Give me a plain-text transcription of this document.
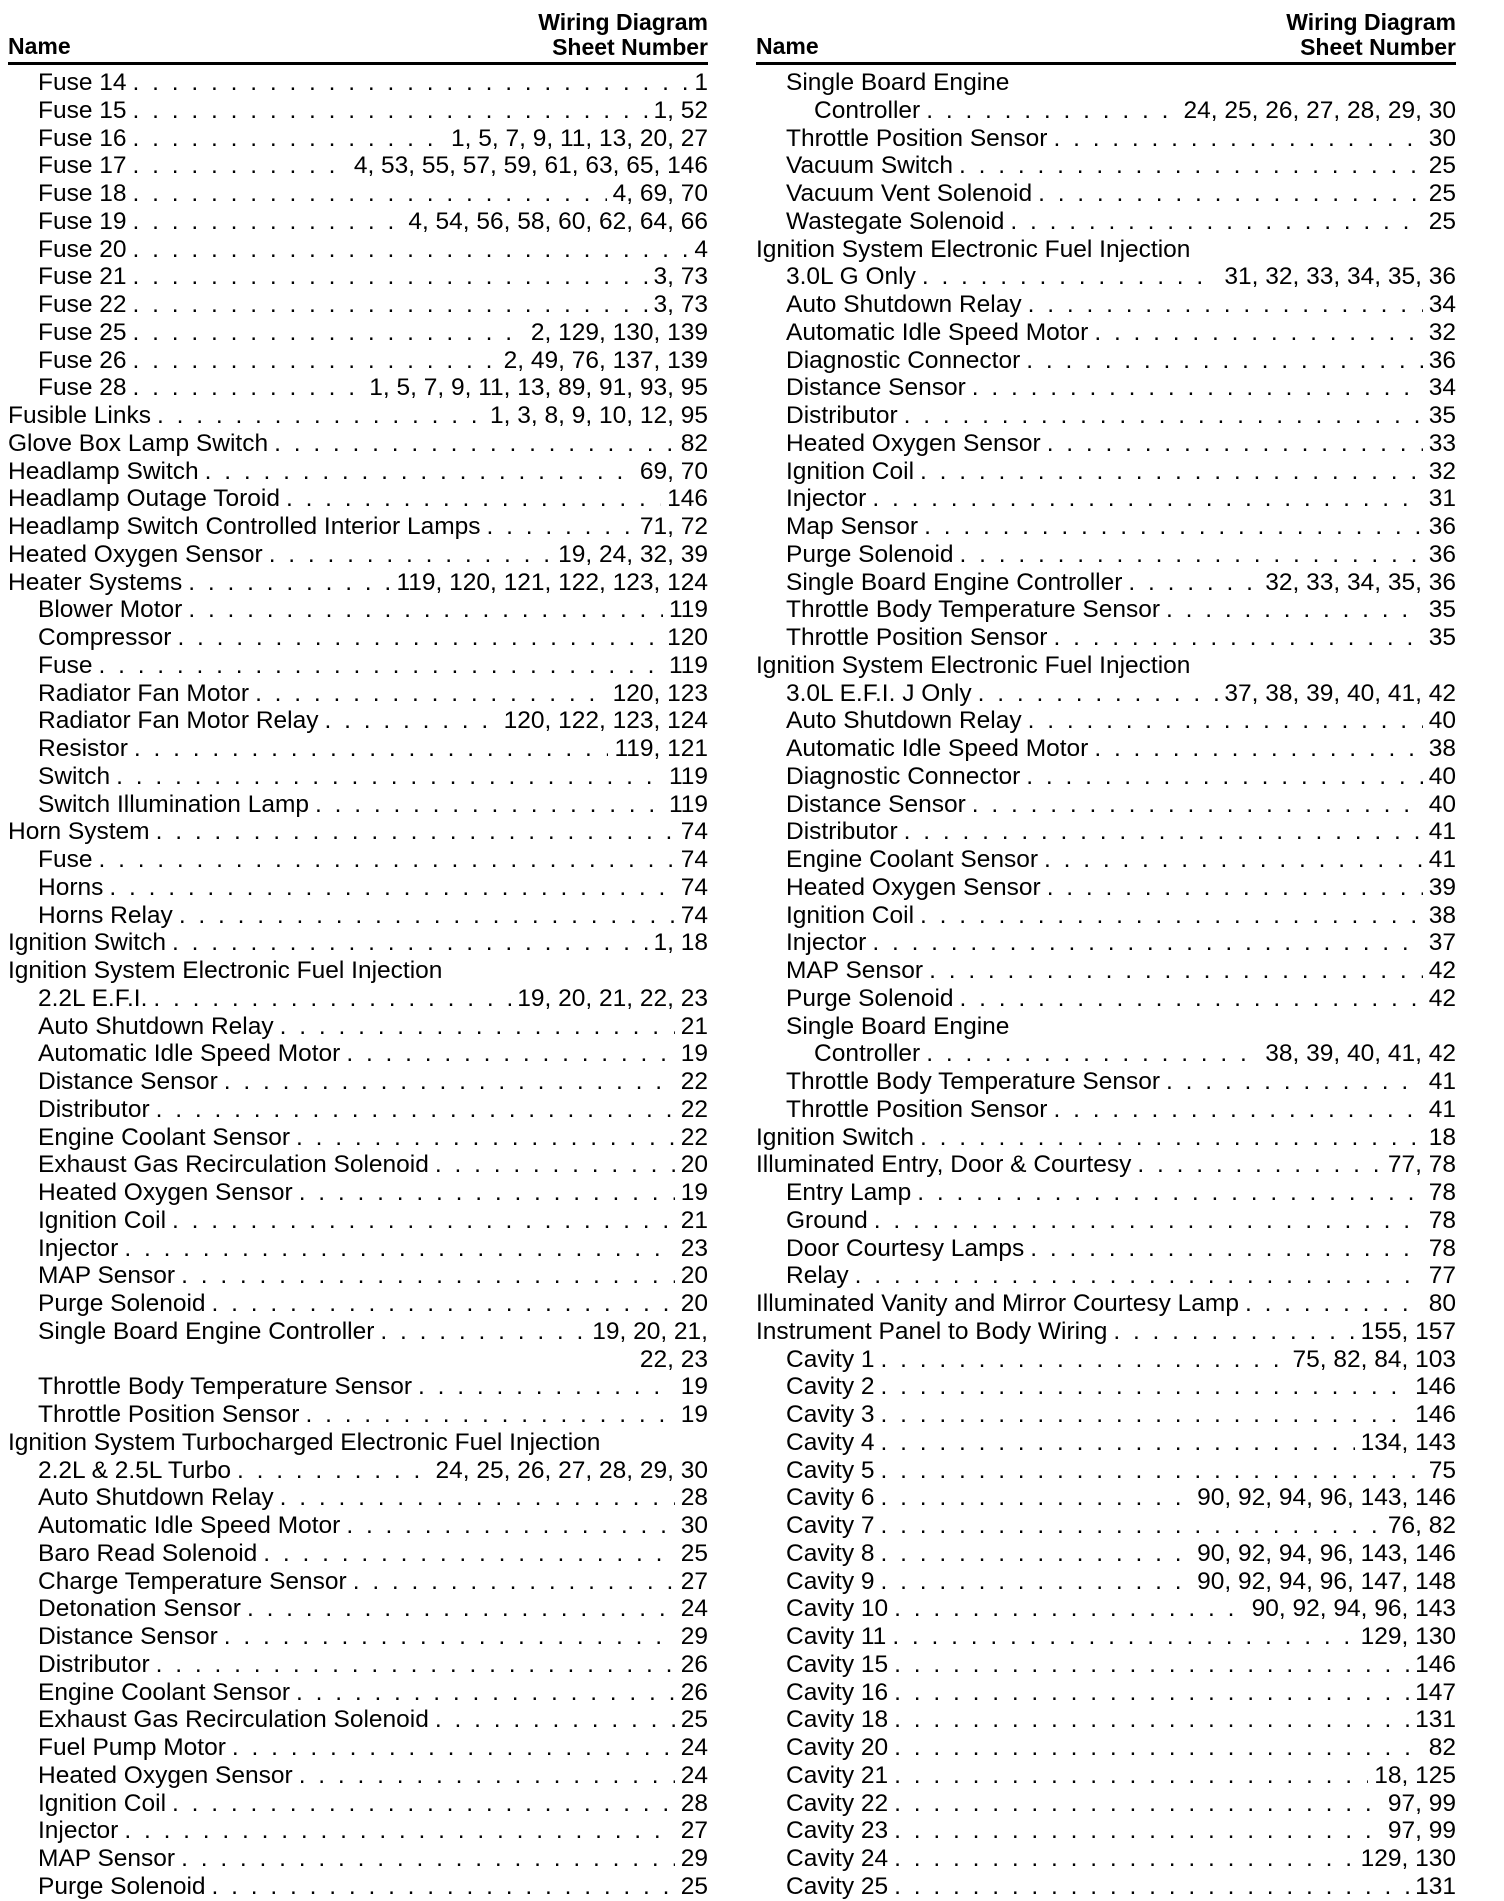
Name
Wiring Diagram
Sheet Number
Fuse 14 . . .	1
Fuse 15 . . .	1, 52
Fuse 16 . . .	1, 5, 7, 9, 11, 13, 20, 27
Fuse 17 . . .	4, 53, 55, 57, 59, 61, 63, 65, 146
Fuse 18 . . .	4, 69, 70
Fuse 19 . . .	4, 54, 56, 58, 60, 62, 64, 66
Fuse 20 . . .	4
Fuse 21 . . .	3, 73
Fuse 22 . . .	3, 73
Fuse 25 . . .	2, 129, 130, 139
Fuse 26 . . .	2, 49, 76, 137, 139
Fuse 28 . . .	1, 5, 7, 9, 11, 13, 89, 91, 93, 95
Fusible Links . . .	1, 3, 8, 9, 10, 12, 95
Glove Box Lamp Switch . . .	82
Headlamp Switch . . .	69, 70
Headlamp Outage Toroid . . .	146
Headlamp Switch Controlled Interior Lamps . . .	71, 72
Heated Oxygen Sensor . . .	19, 24, 32, 39
Heater Systems . . .	119, 120, 121, 122, 123, 124
Blower Motor . . .	119
Compressor . . .	120
Fuse . . .	119
Radiator Fan Motor . . .	120, 123
Radiator Fan Motor Relay . . .	120, 122, 123, 124
Resistor . . .	119, 121
Switch . . .	119
Switch Illumination Lamp . . .	119
Horn System . . .	74
Fuse . . .	74
Horns . . .	74
Horns Relay . . .	74
Ignition Switch . . .	1, 18
Ignition System Electronic Fuel Injection
2.2L E.F.I. . . .	19, 20, 21, 22, 23
Auto Shutdown Relay . . .	21
Automatic Idle Speed Motor . . .	19
Distance Sensor . . .	22
Distributor . . .	22
Engine Coolant Sensor . . .	22
Exhaust Gas Recirculation Solenoid . . .	20
Heated Oxygen Sensor . . .	19
Ignition Coil . . .	21
Injector . . .	23
MAP Sensor . . .	20
Purge Solenoid . . .	20
Single Board Engine Controller . . .	19, 20, 21,
22, 23
Throttle Body Temperature Sensor . . .	19
Throttle Position Sensor . . .	19
Ignition System Turbocharged Electronic Fuel Injection
2.2L & 2.5L Turbo . . .	24, 25, 26, 27, 28, 29, 30
Auto Shutdown Relay . . .	28
Automatic Idle Speed Motor . . .	30
Baro Read Solenoid . . .	25
Charge Temperature Sensor . . .	27
Detonation Sensor . . .	24
Distance Sensor . . .	29
Distributor . . .	26
Engine Coolant Sensor . . .	26
Exhaust Gas Recirculation Solenoid . . .	25
Fuel Pump Motor . . .	24
Heated Oxygen Sensor . . .	24
Ignition Coil . . .	28
Injector . . .	27
MAP Sensor . . .	29
Purge Solenoid . . .	25
Name
Wiring Diagram
Sheet Number
Single Board Engine
Controller . . .	24, 25, 26, 27, 28, 29, 30
Throttle Position Sensor . . .	30
Vacuum Switch . . .	25
Vacuum Vent Solenoid . . .	25
Wastegate Solenoid . . .	25
Ignition System Electronic Fuel Injection
3.0L G Only . . .	31, 32, 33, 34, 35, 36
Auto Shutdown Relay . . .	34
Automatic Idle Speed Motor . . .	32
Diagnostic Connector . . .	36
Distance Sensor . . .	34
Distributor . . .	35
Heated Oxygen Sensor . . .	33
Ignition Coil . . .	32
Injector . . .	31
Map Sensor . . .	36
Purge Solenoid . . .	36
Single Board Engine Controller . . .	32, 33, 34, 35, 36
Throttle Body Temperature Sensor . . .	35
Throttle Position Sensor . . .	35
Ignition System Electronic Fuel Injection
3.0L E.F.I. J Only . . .	37, 38, 39, 40, 41, 42
Auto Shutdown Relay . . .	40
Automatic Idle Speed Motor . . .	38
Diagnostic Connector . . .	40
Distance Sensor . . .	40
Distributor . . .	41
Engine Coolant Sensor . . .	41
Heated Oxygen Sensor . . .	39
Ignition Coil . . .	38
Injector . . .	37
MAP Sensor . . .	42
Purge Solenoid . . .	42
Single Board Engine
Controller . . .	38, 39, 40, 41, 42
Throttle Body Temperature Sensor . . .	41
Throttle Position Sensor . . .	41
Ignition Switch . . .	18
Illuminated Entry, Door & Courtesy . . .	77, 78
Entry Lamp . . .	78
Ground . . .	78
Door Courtesy Lamps . . .	78
Relay . . .	77
Illuminated Vanity and Mirror Courtesy Lamp . . .	80
Instrument Panel to Body Wiring . . .	155, 157
Cavity 1 . . .	75, 82, 84, 103
Cavity 2 . . .	146
Cavity 3 . . .	146
Cavity 4 . . .	134, 143
Cavity 5 . . .	75
Cavity 6 . . .	90, 92, 94, 96, 143, 146
Cavity 7 . . .	76, 82
Cavity 8 . . .	90, 92, 94, 96, 143, 146
Cavity 9 . . .	90, 92, 94, 96, 147, 148
Cavity 10 . . .	90, 92, 94, 96, 143
Cavity 11 . . .	129, 130
Cavity 15 . . .	146
Cavity 16 . . .	147
Cavity 18 . . .	131
Cavity 20 . . .	82
Cavity 21 . . .	18, 125
Cavity 22 . . .	97, 99
Cavity 23 . . .	97, 99
Cavity 24 . . .	129, 130
Cavity 25 . . .	131
